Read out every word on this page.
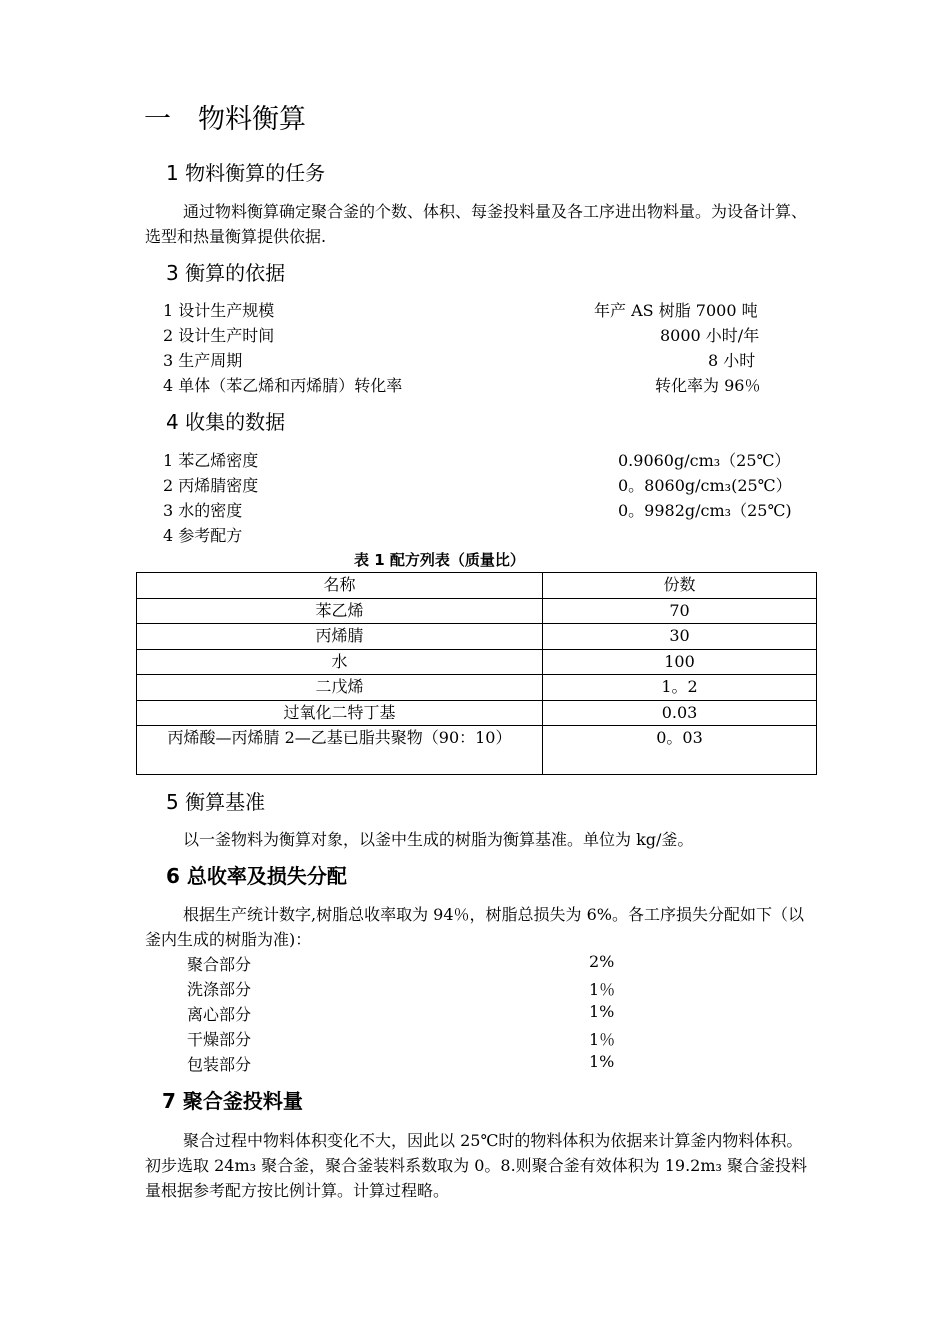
一　物料衡算
1 物料衡算的任务
通过物料衡算确定聚合釜的个数、体积、每釜投料量及各工序进出物料量。为设备计算、选型和热量衡算提供依据.
3 衡算的依据
1 设计生产规模	年产 AS 树脂 7000 吨
2 设计生产时间	8000 小时/年
3 生产周期	8 小时
4 单体（苯乙烯和丙烯腈）转化率	转化率为 96％
4 收集的数据
1 苯乙烯密度	0.9060g/cm₃（25℃）
2 丙烯腈密度	0。8060g/cm₃(25℃）
3 水的密度	0。9982g/cm₃（25℃)
4 参考配方
表 1 配方列表（质量比）
名称	份数
苯乙烯	70
丙烯腈	30
水	100
二戊烯	1。2
过氧化二特丁基	0.03
丙烯酸—丙烯腈 2—乙基已脂共聚物（90：10）	0。03
5 衡算基准
以一釜物料为衡算对象，以釜中生成的树脂为衡算基准。单位为 kg/釜。
6 总收率及损失分配
根据生产统计数字,树脂总收率取为 94％，树脂总损失为 6%。各工序损失分配如下（以釜内生成的树脂为准)：
聚合部分	2%
洗涤部分	1％
离心部分	1%
干燥部分	1％
包装部分	1%
7 聚合釜投料量
聚合过程中物料体积变化不大，因此以 25℃时的物料体积为依据来计算釜内物料体积。初步选取 24m₃ 聚合釜，聚合釜装料系数取为 0。8.则聚合釜有效体积为 19.2m₃ 聚合釜投料量根据参考配方按比例计算。计算过程略。
